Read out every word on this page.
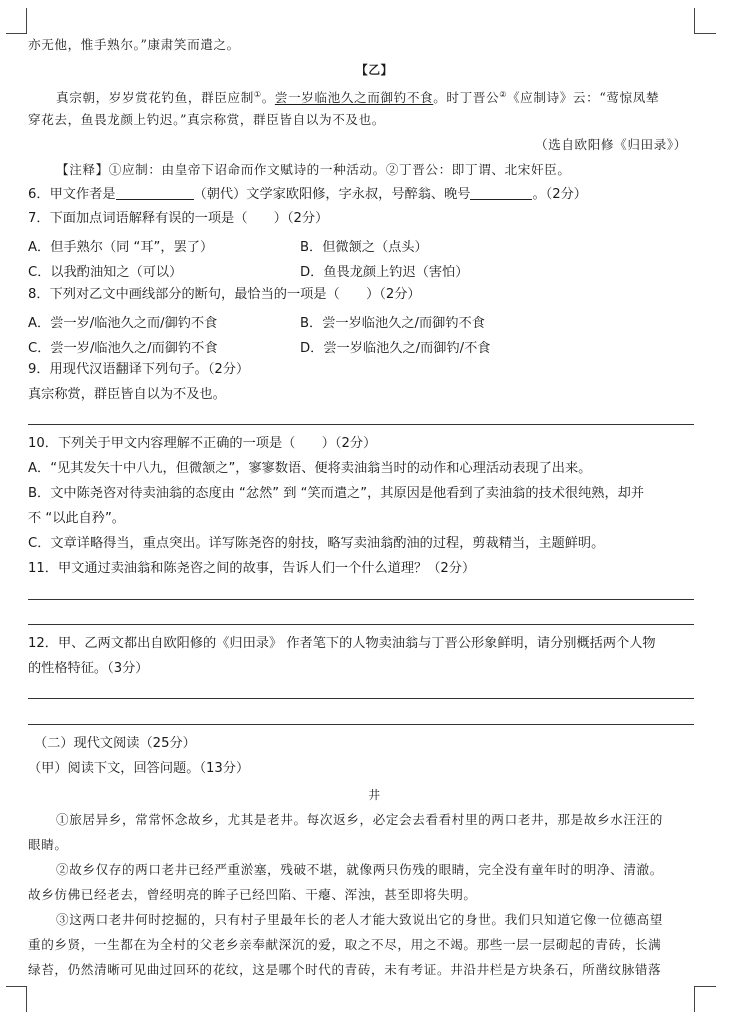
亦无他，惟手熟尔。”康肃笑而遣之。
【乙】
真宗朝，岁岁赏花钓鱼，群臣应制①。尝一岁临池久之而御钓不食。时丁晋公②《应制诗》云：“莺惊凤辇
穿花去，鱼畏龙颜上钓迟。”真宗称赏，群臣皆自以为不及也。
（选自欧阳修《归田录》）
【注释】①应制：由皇帝下诏命而作文赋诗的一种活动。②丁晋公：即丁谓、北宋奸臣。
6．甲文作者是	（朝代）文学家欧阳修，字永叔，号醉翁、晚号	。（2分）
7．下面加点词语解释有误的一项是（　　）（2分）
A．但手熟尔（同 “耳”，罢了）	B．但微颔之（点头）
C．以我酌油知之（可以）	D．鱼畏龙颜上钓迟（害怕）
8．下列对乙文中画线部分的断句，最恰当的一项是（　　）（2分）
A．尝一岁/临池久之而/御钓不食	B．尝一岁临池久之/而御钓不食
C．尝一岁/临池久之/而御钓不食	D．尝一岁临池久之/而御钓/不食
9．用现代汉语翻译下列句子。（2分）
真宗称赏，群臣皆自以为不及也。
10．下列关于甲文内容理解不正确的一项是（　　）（2分）
A．“见其发矢十中八九，但微颔之”，寥寥数语、便将卖油翁当时的动作和心理活动表现了出来。
B．文中陈尧咨对待卖油翁的态度由 “忿然” 到 “笑而遣之”，其原因是他看到了卖油翁的技术很纯熟，却并
不 “以此自矜”。
C．文章详略得当，重点突出。详写陈尧咨的射技，略写卖油翁酌油的过程，剪裁精当，主题鲜明。
11．甲文通过卖油翁和陈尧咨之间的故事，告诉人们一个什么道理？（2分）
12．甲、乙两文都出自欧阳修的《归田录》 作者笔下的人物卖油翁与丁晋公形象鲜明，请分别概括两个人物
的性格特征。（3分）
（二）现代文阅读（25分）
（甲）阅读下文，回答问题。（13分）
井
①旅居异乡，常常怀念故乡，尤其是老井。每次返乡，必定会去看看村里的两口老井，那是故乡水汪汪的
眼睛。
②故乡仅存的两口老井已经严重淤塞，残破不堪，就像两只伤残的眼睛，完全没有童年时的明净、清澈。
故乡仿佛已经老去，曾经明亮的眸子已经凹陷、干瘪、浑浊，甚至即将失明。
③这两口老井何时挖掘的，只有村子里最年长的老人才能大致说出它的身世。我们只知道它像一位德高望
重的乡贤，一生都在为全村的父老乡亲奉献深沉的爱，取之不尽，用之不竭。那些一层一层砌起的青砖，长满
绿苔，仍然清晰可见曲过回环的花纹，这是哪个时代的青砖，未有考证。井沿井栏是方块条石，所凿纹脉错落
